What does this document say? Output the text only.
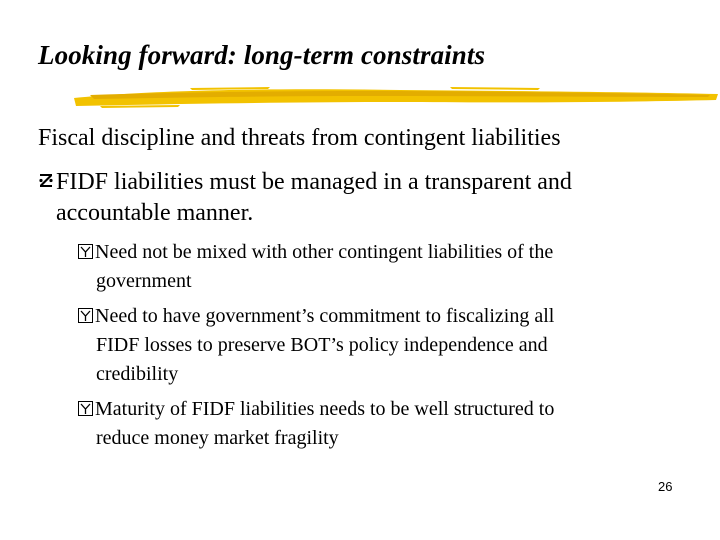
Looking forward: long-term constraints
Fiscal discipline and threats from contingent liabilities
FIDF liabilities must be managed in a transparent and
accountable manner.
Need not be mixed with other contingent liabilities of the
government
Need to have government’s commitment to fiscalizing all
FIDF losses to preserve BOT’s policy independence and
credibility
Maturity of FIDF liabilities needs to be well structured to
reduce money market fragility
26
